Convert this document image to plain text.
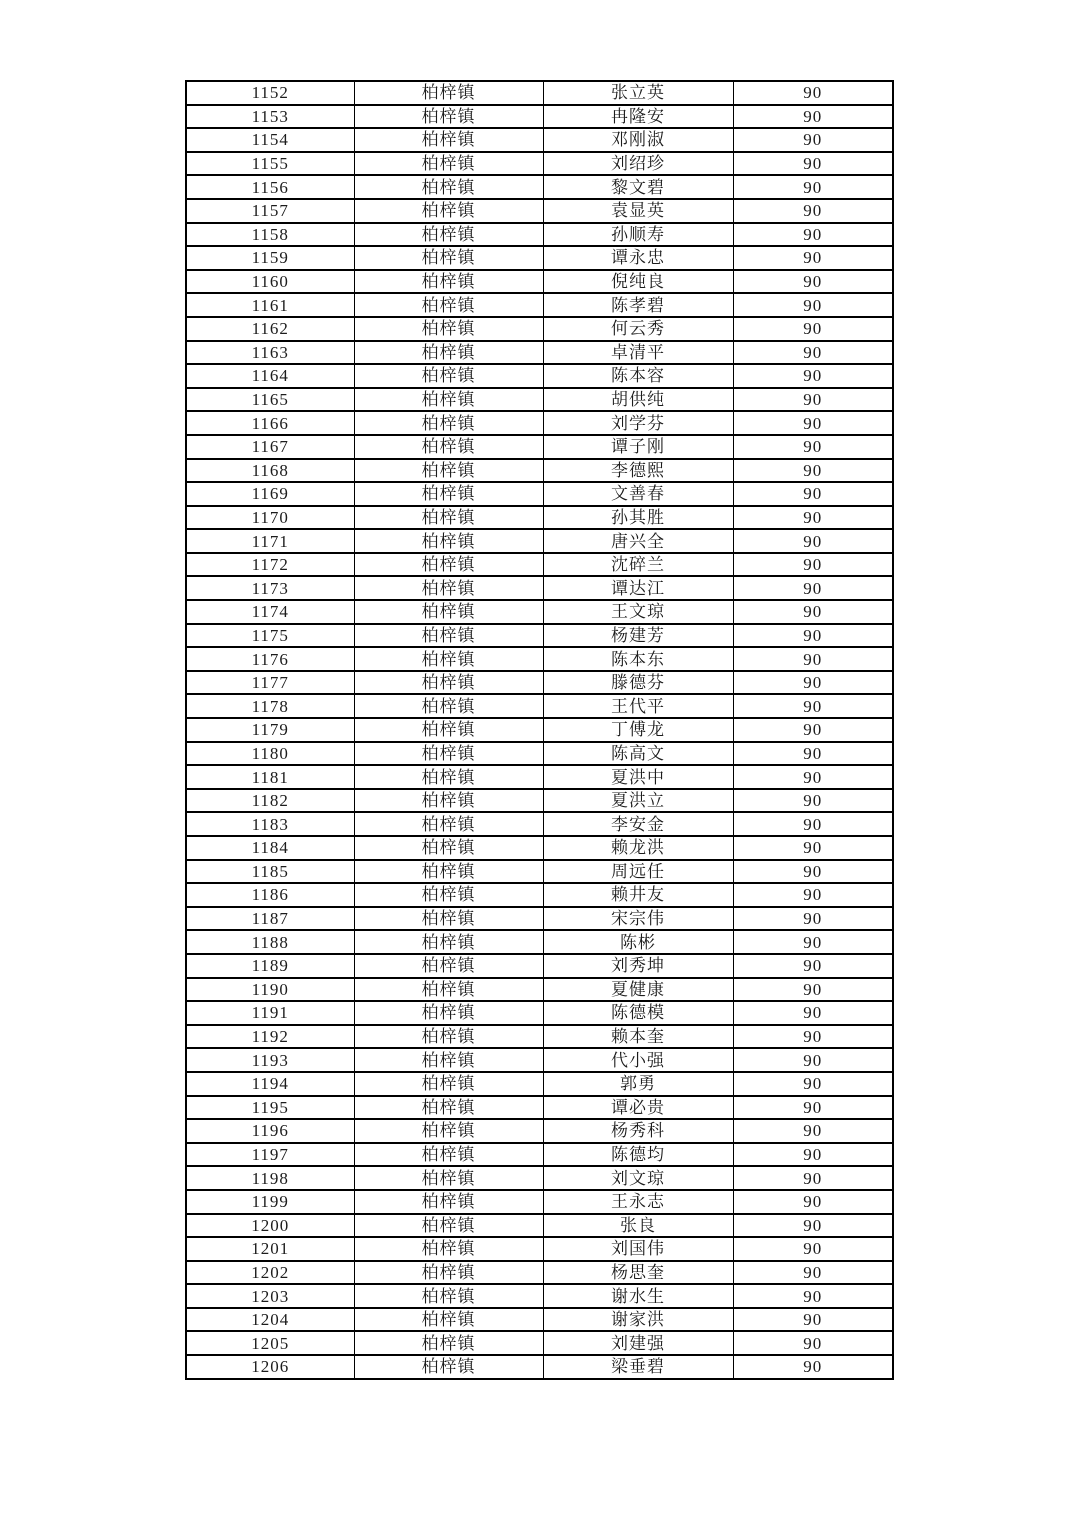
1152	柏梓镇	张立英	90
1153	柏梓镇	冉隆安	90
1154	柏梓镇	邓刚淑	90
1155	柏梓镇	刘绍珍	90
1156	柏梓镇	黎文碧	90
1157	柏梓镇	袁显英	90
1158	柏梓镇	孙顺寿	90
1159	柏梓镇	谭永忠	90
1160	柏梓镇	倪纯良	90
1161	柏梓镇	陈孝碧	90
1162	柏梓镇	何云秀	90
1163	柏梓镇	卓清平	90
1164	柏梓镇	陈本容	90
1165	柏梓镇	胡供纯	90
1166	柏梓镇	刘学芬	90
1167	柏梓镇	谭子刚	90
1168	柏梓镇	李德熙	90
1169	柏梓镇	文善春	90
1170	柏梓镇	孙其胜	90
1171	柏梓镇	唐兴全	90
1172	柏梓镇	沈碎兰	90
1173	柏梓镇	谭达江	90
1174	柏梓镇	王文琼	90
1175	柏梓镇	杨建芳	90
1176	柏梓镇	陈本东	90
1177	柏梓镇	滕德芬	90
1178	柏梓镇	王代平	90
1179	柏梓镇	丁傅龙	90
1180	柏梓镇	陈高文	90
1181	柏梓镇	夏洪中	90
1182	柏梓镇	夏洪立	90
1183	柏梓镇	李安金	90
1184	柏梓镇	赖龙洪	90
1185	柏梓镇	周远任	90
1186	柏梓镇	赖井友	90
1187	柏梓镇	宋宗伟	90
1188	柏梓镇	陈彬	90
1189	柏梓镇	刘秀坤	90
1190	柏梓镇	夏健康	90
1191	柏梓镇	陈德模	90
1192	柏梓镇	赖本奎	90
1193	柏梓镇	代小强	90
1194	柏梓镇	郭勇	90
1195	柏梓镇	谭必贵	90
1196	柏梓镇	杨秀科	90
1197	柏梓镇	陈德均	90
1198	柏梓镇	刘文琼	90
1199	柏梓镇	王永志	90
1200	柏梓镇	张良	90
1201	柏梓镇	刘国伟	90
1202	柏梓镇	杨思奎	90
1203	柏梓镇	谢水生	90
1204	柏梓镇	谢家洪	90
1205	柏梓镇	刘建强	90
1206	柏梓镇	梁垂碧	90
